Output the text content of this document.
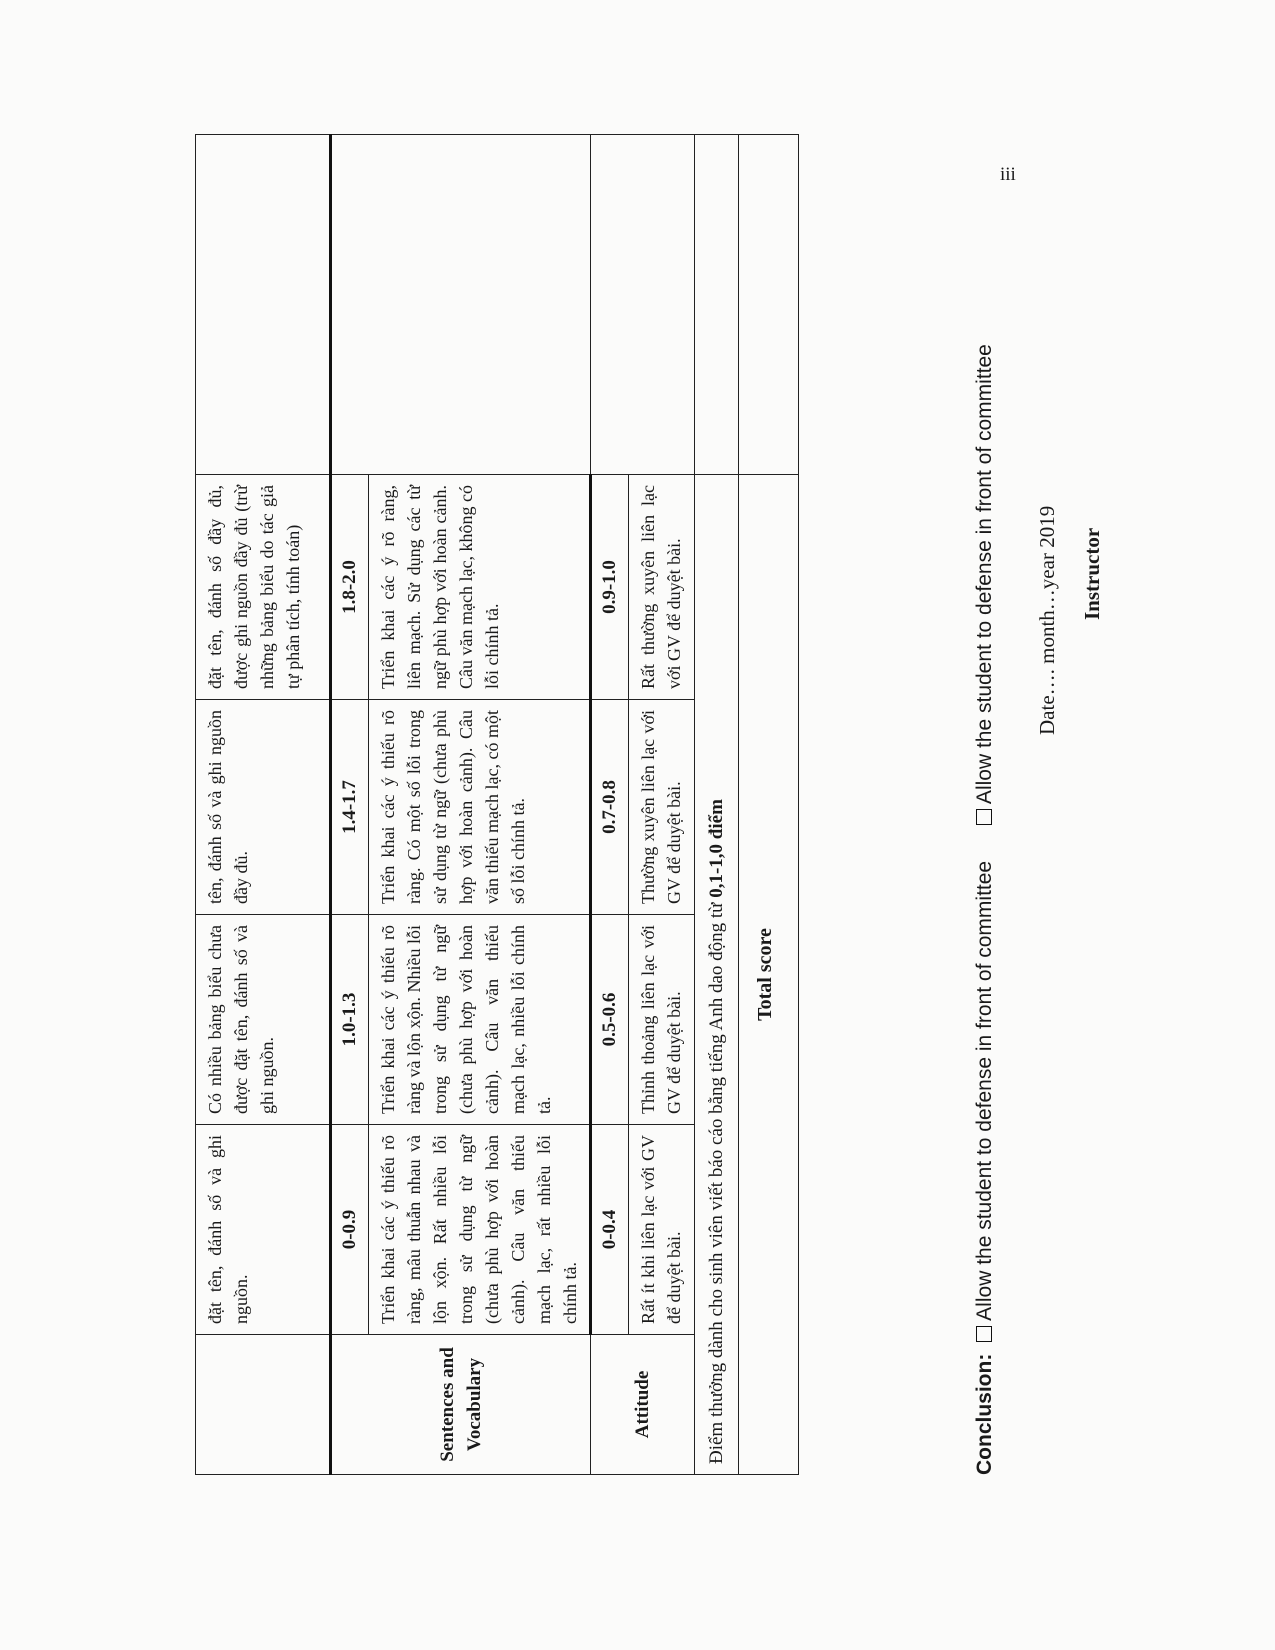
	đặt tên, đánh số và ghi nguồn.	Có nhiều bảng biểu chưa được đặt tên, đánh số và ghi nguồn.	tên, đánh số và ghi nguồn đầy đủ.	đặt tên, đánh số đầy đủ, được ghi nguồn đầy đủ (trừ những bảng biểu do tác giả tự phân tích, tính toán)	
Sentences and Vocabulary	0-0.9	1.0-1.3	1.4-1.7	1.8-2.0	
	Triển khai các ý thiếu rõ ràng, mâu thuẫn nhau và lộn xộn. Rất nhiều lỗi trong sử dụng từ ngữ (chưa phù hợp với hoàn cảnh). Câu văn thiếu mạch lạc, rất nhiều lỗi chính tả.	Triển khai các ý thiếu rõ ràng và lộn xộn. Nhiều lỗi trong sử dụng từ ngữ (chưa phù hợp với hoàn cảnh). Câu văn thiếu mạch lạc, nhiều lỗi chính tả.	Triển khai các ý thiếu rõ ràng. Có một số lỗi trong sử dụng từ ngữ (chưa phù hợp với hoàn cảnh). Câu văn thiếu mạch lạc, có một số lỗi chính tả.	Triển khai các ý rõ ràng, liên mạch. Sử dụng các từ ngữ phù hợp với hoàn cảnh. Câu văn mạch lạc, không có lỗi chính tả.	
Attitude	0-0.4	0.5-0.6	0.7-0.8	0.9-1.0	
	Rất ít khi liên lạc với GV để duyệt bài.	Thỉnh thoảng liên lạc với GV để duyệt bài.	Thường xuyên liên lạc với GV để duyệt bài.	Rất thường xuyên liên lạc với GV để duyệt bài.	
Điểm thưởng dành cho sinh viên viết báo cáo bằng tiếng Anh dao động từ 0,1-1,0 điểm					
Total score					
Conclusion: Allow the student to defense in front of committee Allow the student to defense in front of committee Date…. month…year 2019 Instructor
iii
